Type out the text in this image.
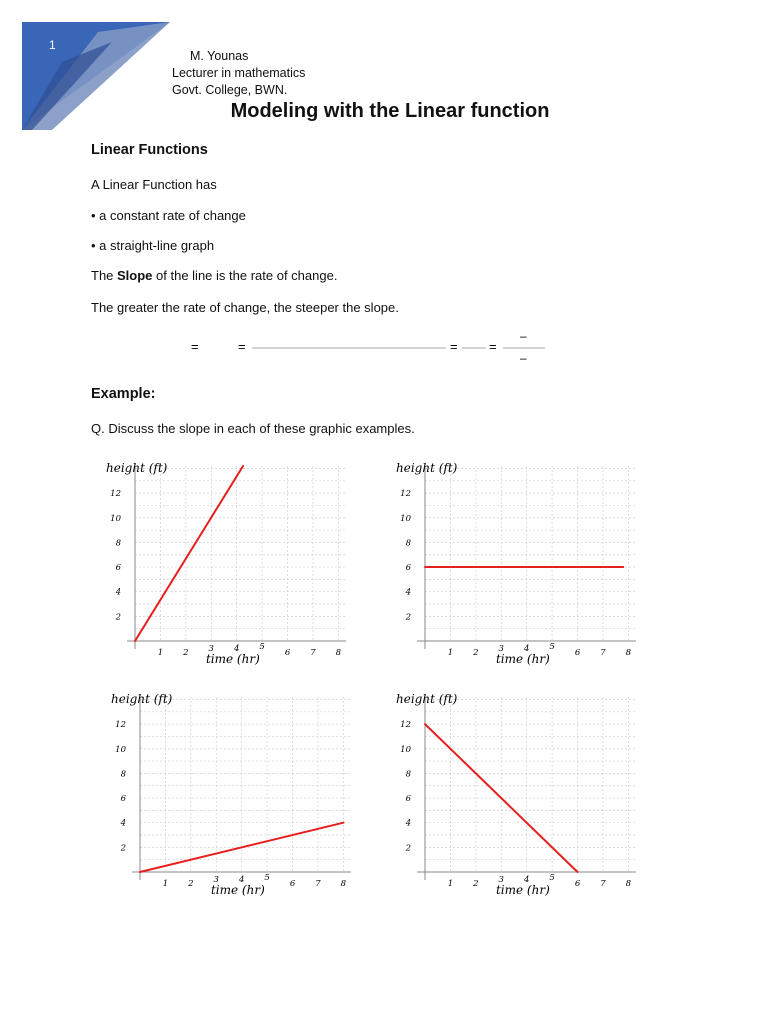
1
M. Younas
Lecturer in mathematics
Govt. College, BWN.
Modeling with the Linear function
Linear Functions
A Linear Function has
• a constant rate of change
• a straight-line graph
The Slope of the line is the rate of change.
The greater the rate of change, the steeper the slope.
=	=	= =
–
–
Example:
Q. Discuss the slope in each of these graphic examples.
2
4
6
8
10
12
1 2 3 4 5
6 7 8
height (ft)
time (hr)
2
4
6
8
10
12
1 2 3 4 5
6 7 8
height (ft)
time (hr)
2
4
6
8
10
12
1 2 3 4 5
6 7 8
height (ft)
time (hr)
2
4
6
8
10
12
1 2 3 4 5
6 7 8
height (ft)
time (hr)
